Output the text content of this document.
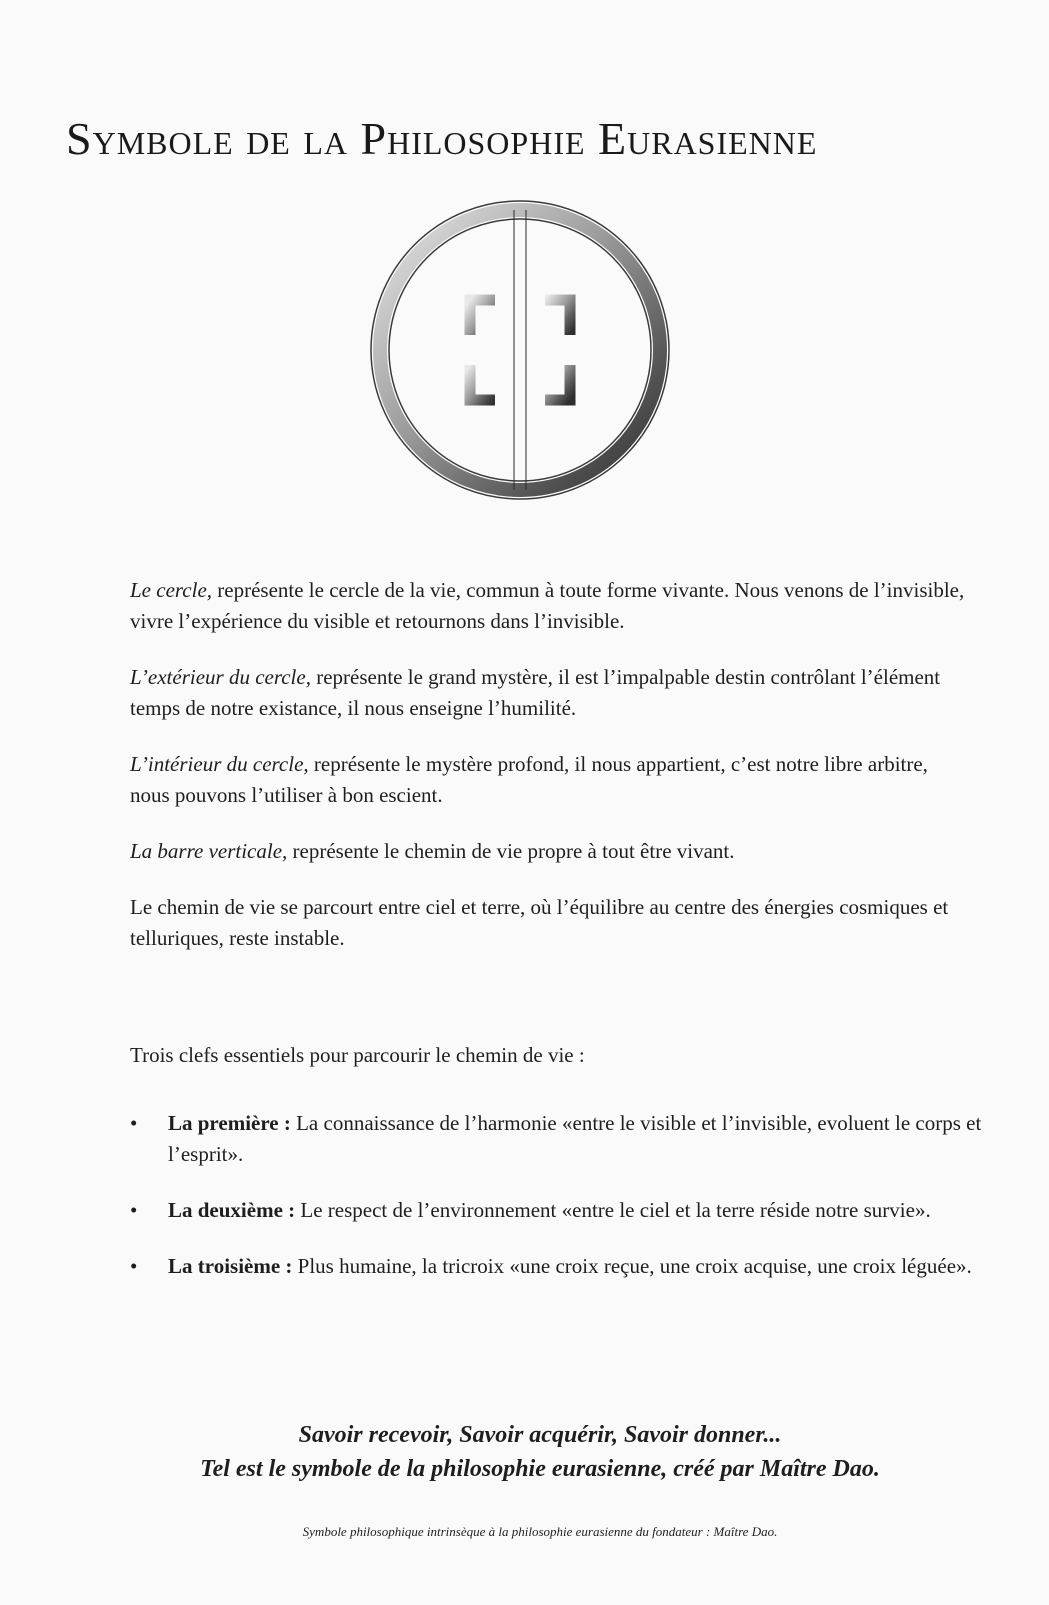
Symbole de la Philosophie Eurasienne

Le cercle, représente le cercle de la vie, commun à toute forme vivante. Nous venons de l’invisible, vivre l’expérience du visible et retournons dans l’invisible.

L’extérieur du cercle, représente le grand mystère, il est l’impalpable destin contrôlant l’élément temps de notre existance, il nous enseigne l’humilité.

L’intérieur du cercle, représente le mystère profond, il nous appartient, c’est notre libre arbitre, nous pouvons l’utiliser à bon escient.

La barre verticale, représente le chemin de vie propre à tout être vivant.

Le chemin de vie se parcourt entre ciel et terre, où l’équilibre au centre des énergies cosmiques et telluriques, reste instable.

Trois clefs essentiels pour parcourir le chemin de vie :

• La première : La connaissance de l’harmonie «entre le visible et l’invisible, evoluent le corps et l’esprit».
• La deuxième : Le respect de l’environnement «entre le ciel et la terre réside notre survie».
• La troisième : Plus humaine, la tricroix «une croix reçue, une croix acquise, une croix léguée».
Savoir recevoir, Savoir acquérir, Savoir donner...
Tel est le symbole de la philosophie eurasienne, créé par Maître Dao.
Symbole philosophique intrinsèque à la philosophie eurasienne du fondateur : Maître Dao.
